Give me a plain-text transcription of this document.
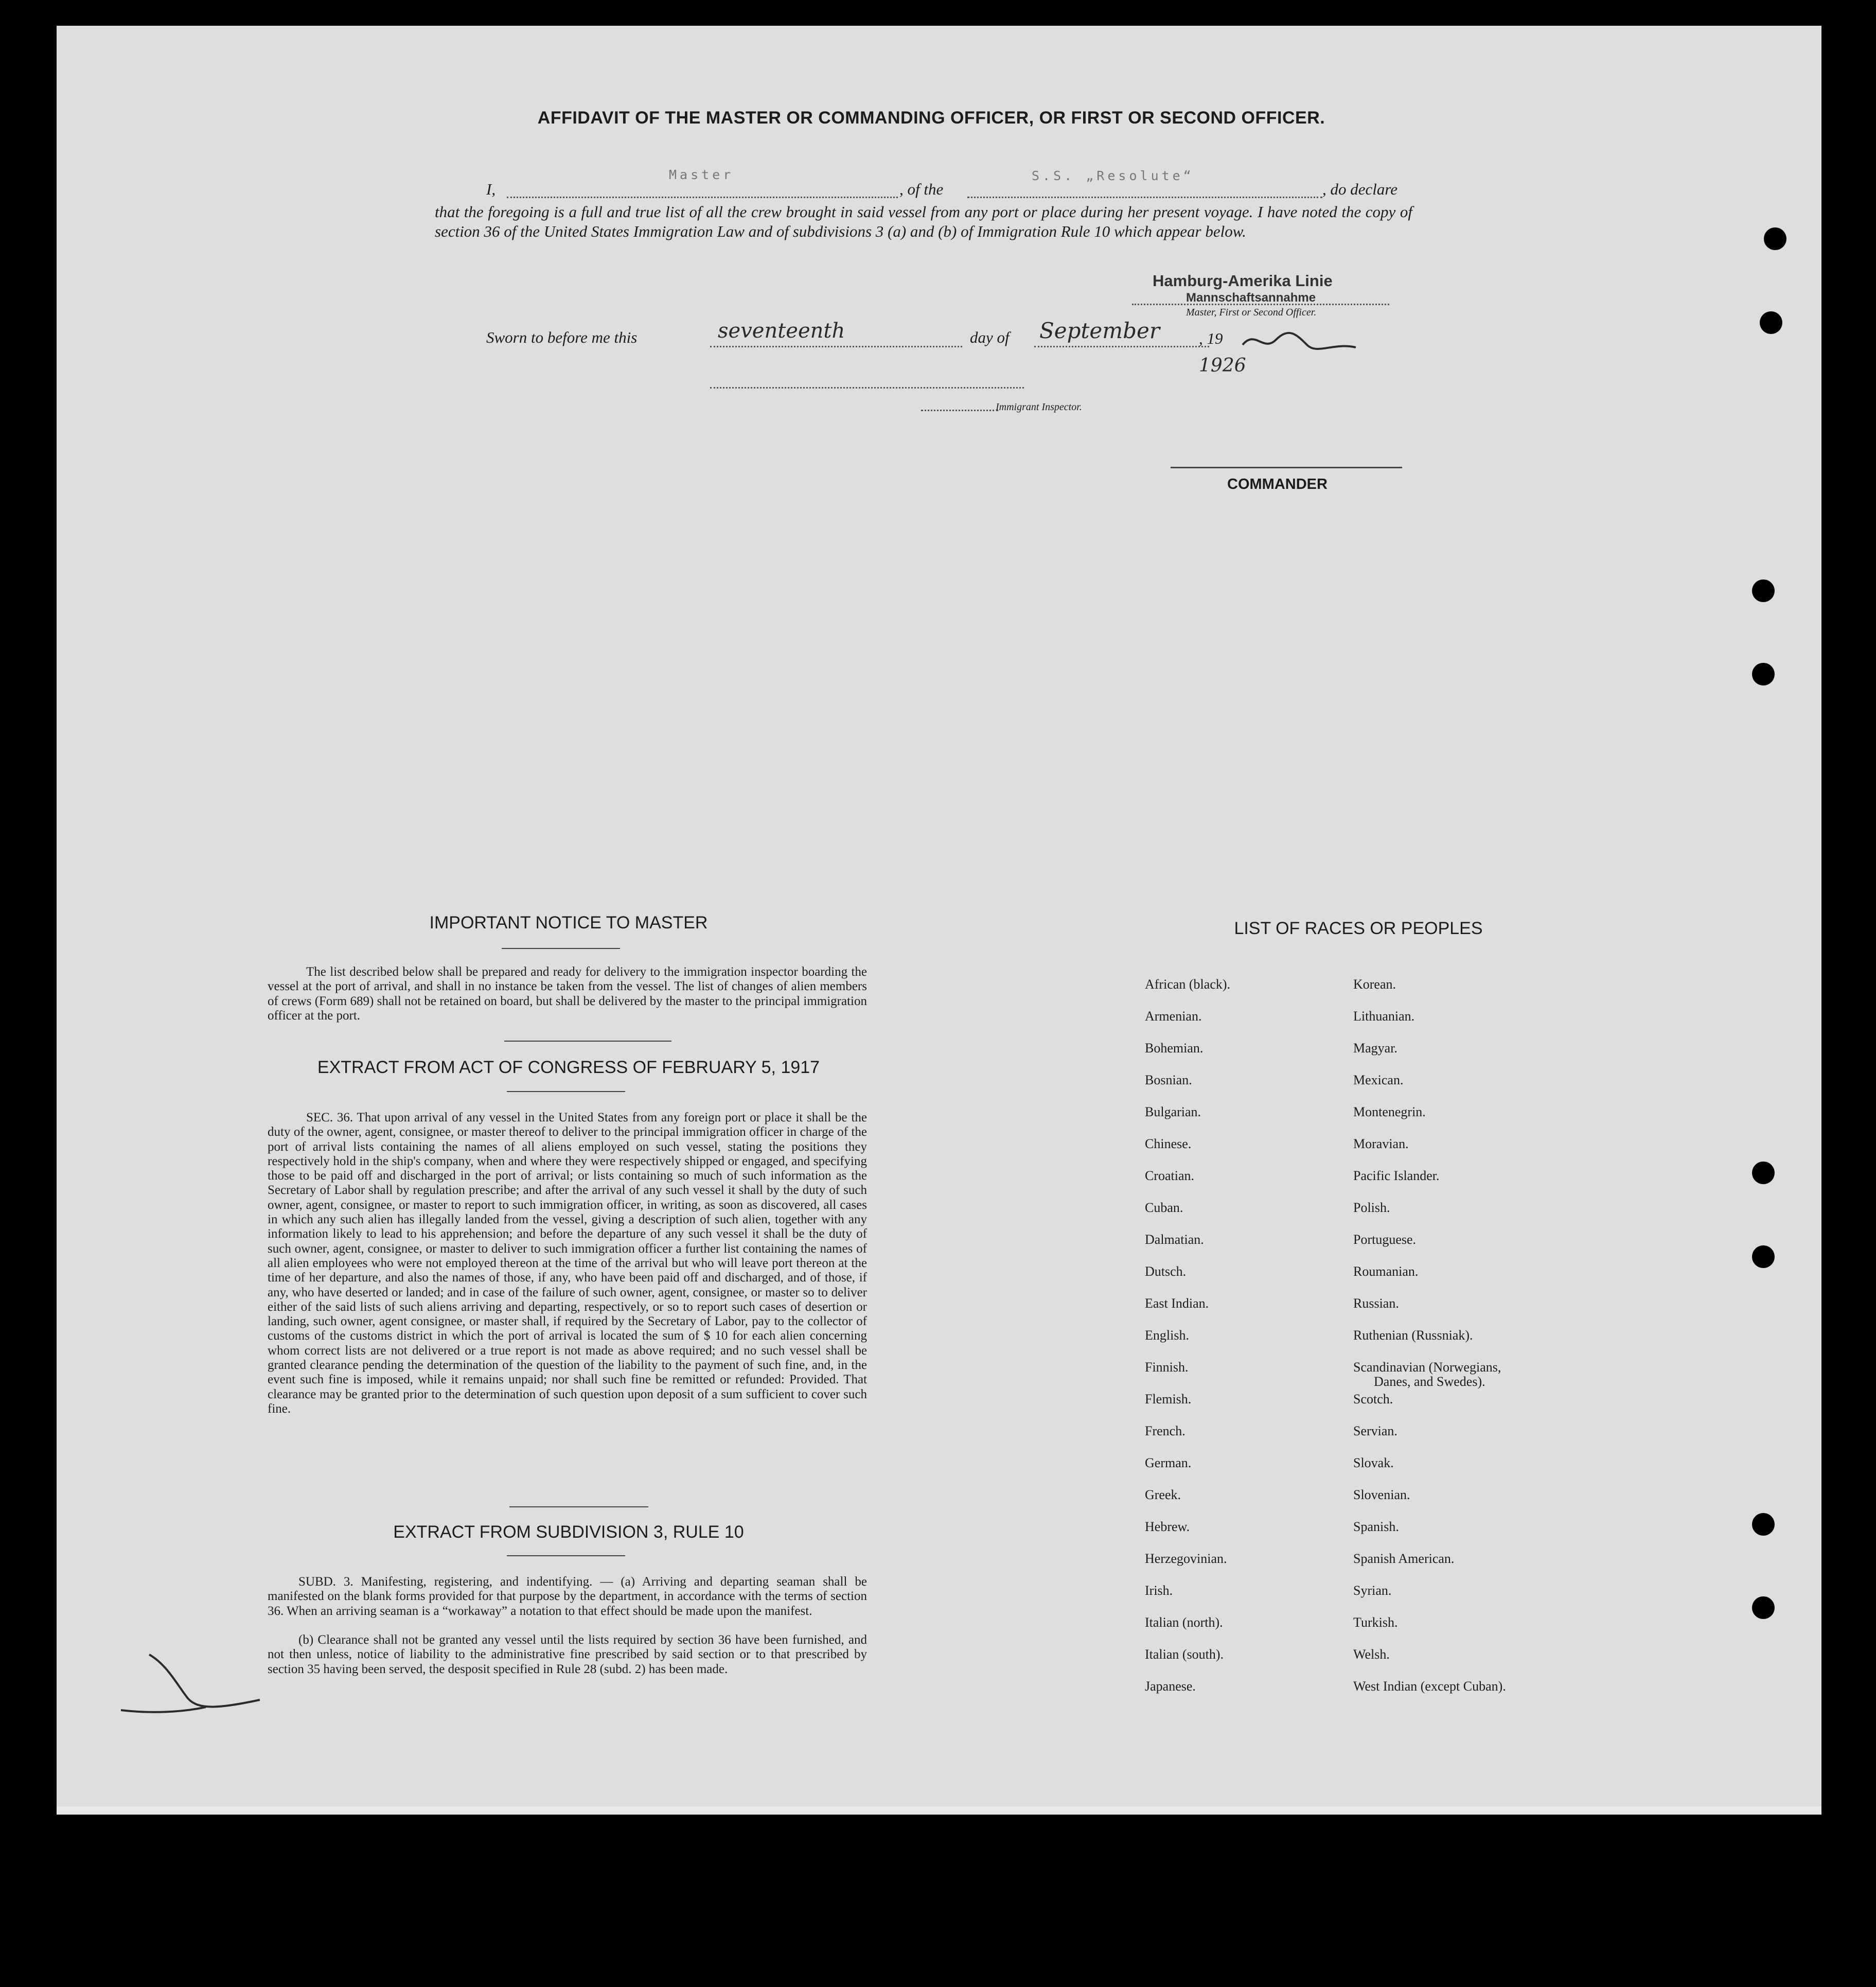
AFFIDAVIT OF THE MASTER OR COMMANDING OFFICER, OR FIRST OR SECOND OFFICER.
I,
Master
, of the
S.S. „Resolute“
, do declare
that the foregoing is a full and true list of all the crew brought in said vessel from any port or place during her present voyage. I have noted the copy of section 36 of the United States Immigration Law and of subdivisions 3 (a) and (b) of Immigration Rule 10 which appear below.
Hamburg-Amerika Linie
Mannschaftsannahme
Master, First or Second Officer.
Sworn to before me this	seventeenth	day of September , 19
1926
Immigrant Inspector.
COMMANDER
IMPORTANT NOTICE TO MASTER
The list described below shall be prepared and ready for delivery to the immigration inspector boarding the vessel at the port of arrival, and shall in no instance be taken from the vessel. The list of changes of alien members of crews (Form 689) shall not be retained on board, but shall be delivered by the master to the principal immigration officer at the port.
EXTRACT FROM ACT OF CONGRESS OF FEBRUARY 5, 1917
SEC. 36. That upon arrival of any vessel in the United States from any foreign port or place it shall be the duty of the owner, agent, consignee, or master thereof to deliver to the principal immigration officer in charge of the port of arrival lists containing the names of all aliens employed on such vessel, stating the positions they respectively hold in the ship's company, when and where they were respectively shipped or engaged, and specifying those to be paid off and discharged in the port of arrival; or lists containing so much of such information as the Secretary of Labor shall by regulation prescribe; and after the arrival of any such vessel it shall by the duty of such owner, agent, consignee, or master to report to such immigration officer, in writing, as soon as discovered, all cases in which any such alien has illegally landed from the vessel, giving a description of such alien, together with any information likely to lead to his apprehension; and before the departure of any such vessel it shall be the duty of such owner, agent, consignee, or master to deliver to such immigration officer a further list containing the names of all alien employees who were not employed thereon at the time of the arrival but who will leave port thereon at the time of her departure, and also the names of those, if any, who have been paid off and discharged, and of those, if any, who have deserted or landed; and in case of the failure of such owner, agent, consignee, or master so to deliver either of the said lists of such aliens arriving and departing, respectively, or so to report such cases of desertion or landing, such owner, agent consignee, or master shall, if required by the Secretary of Labor, pay to the collector of customs of the customs district in which the port of arrival is located the sum of $ 10 for each alien concerning whom correct lists are not delivered or a true report is not made as above required; and no such vessel shall be granted clearance pending the determination of the question of the liability to the payment of such fine, and, in the event such fine is imposed, while it remains unpaid; nor shall such fine be remitted or refunded: Provided. That clearance may be granted prior to the determination of such question upon deposit of a sum sufficient to cover such fine.
EXTRACT FROM SUBDIVISION 3, RULE 10
SUBD. 3. Manifesting, registering, and indentifying. — (a) Arriving and departing seaman shall be manifested on the blank forms provided for that purpose by the department, in accordance with the terms of section 36. When an arriving seaman is a “workaway” a notation to that effect should be made upon the manifest.
(b) Clearance shall not be granted any vessel until the lists required by section 36 have been furnished, and not then unless, notice of liability to the administrative fine prescribed by said section or to that prescribed by section 35 having been served, the desposit specified in Rule 28 (subd. 2) has been made.
LIST OF RACES OR PEOPLES
African (black).
Armenian.
Bohemian.
Bosnian.
Bulgarian.
Chinese.
Croatian.
Cuban.
Dalmatian.
Dutsch.
East Indian.
English.
Finnish.
Flemish.
French.
German.
Greek.
Hebrew.
Herzegovinian.
Irish.
Italian (north).
Italian (south).
Japanese.
Korean.
Lithuanian.
Magyar.
Mexican.
Montenegrin.
Moravian.
Pacific Islander.
Polish.
Portuguese.
Roumanian.
Russian.
Ruthenian (Russniak).
Scandinavian (Norwegians,
Danes, and Swedes).
Scotch.
Servian.
Slovak.
Slovenian.
Spanish.
Spanish American.
Syrian.
Turkish.
Welsh.
West Indian (except Cuban).
